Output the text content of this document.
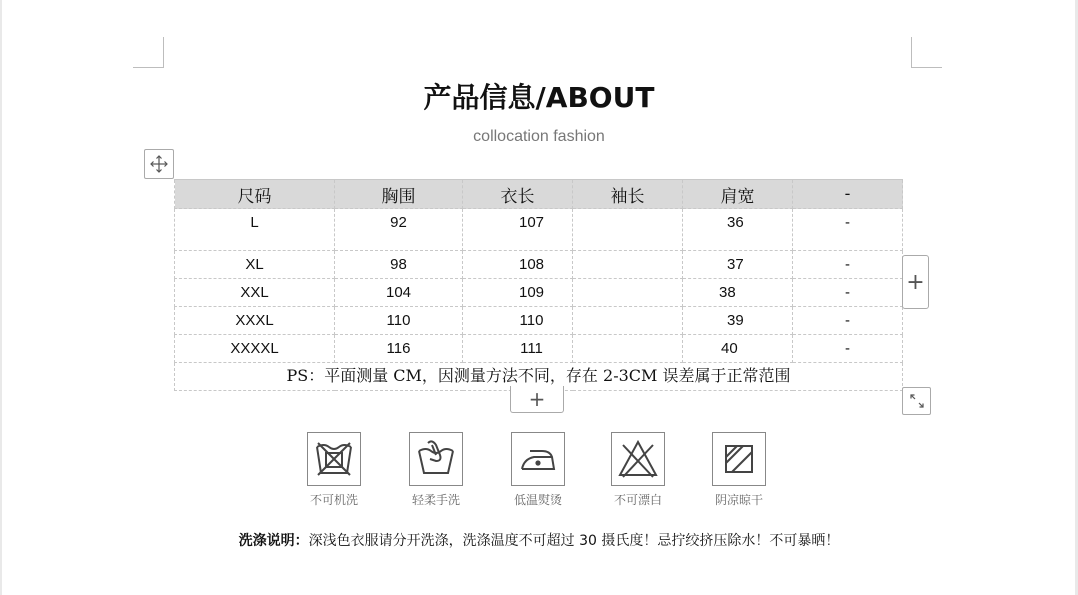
产品信息/ABOUT
collocation fashion
尺码	胸围	衣长	袖长	肩宽	-
L	92	107		36	-
XL	98	108		37	-
XXL	104	109		38	-
XXXL	110	110		39	-
XXXXL	116	111		40	-
PS：平面测量 CM，因测量方法不同，存在 2-3CM 误差属于正常范围					
+
+
不可机洗	轻柔手洗	低温熨烫	不可漂白	阴凉晾干
洗涤说明：深浅色衣服请分开洗涤，洗涤温度不可超过 30 摄氏度！忌拧绞挤压除水！不可暴晒！
